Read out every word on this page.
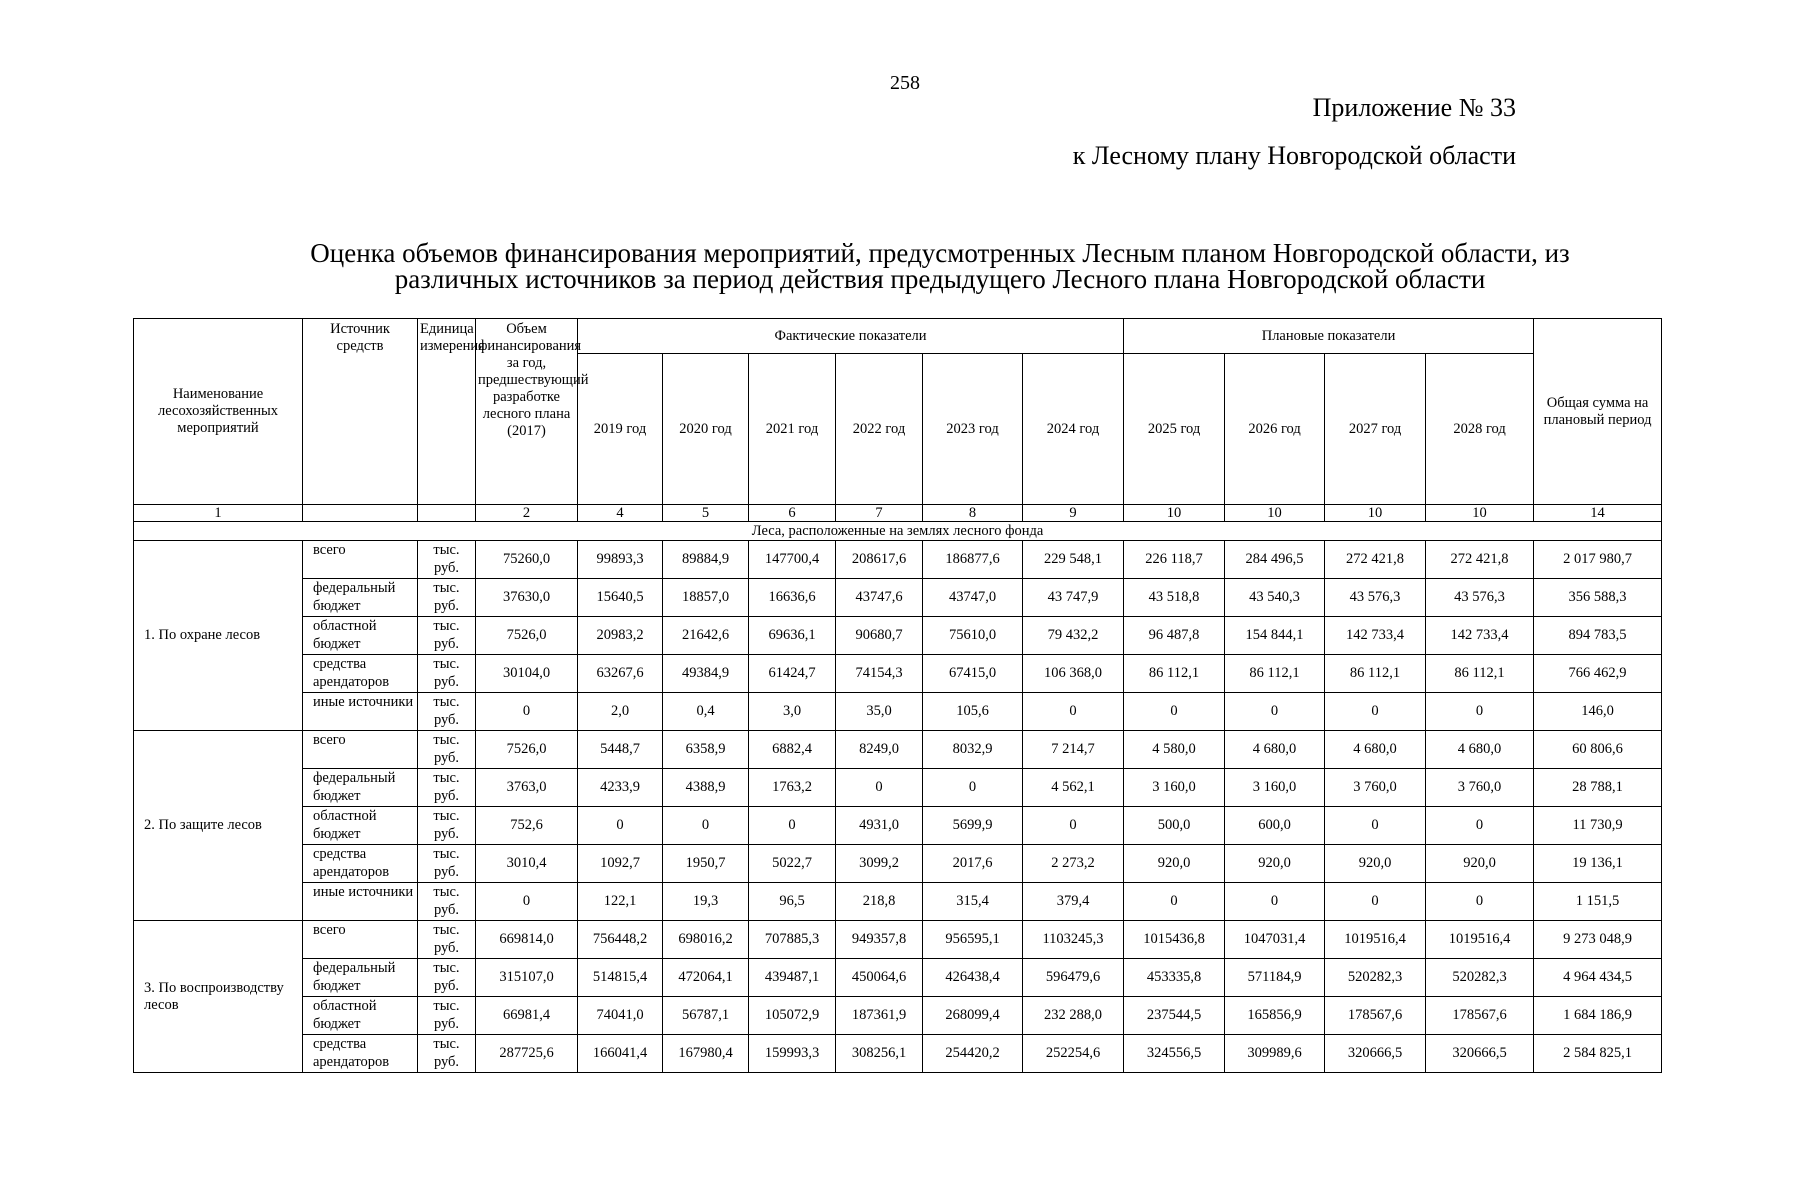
258
Приложение № 33
к Лесному плану Новгородской области
Оценка объемов финансирования мероприятий, предусмотренных Лесным планом Новгородской области, из
различных источников за период действия предыдущего Лесного плана Новгородской области
Наименование лесохозяйственных мероприятий	Источник средств	Единица измерения	Объем финансирования за год, предшествующий разработке лесного плана (2017)	Фактические показатели						Плановые показатели				Общая сумма на плановый период
				2019 год	2020 год	2021 год	2022 год	2023 год	2024 год	2025 год	2026 год	2027 год	2028 год	
1			2	4	5	6	7	8	9	10	10	10	10	14
Леса, расположенные на землях лесного фонда														
1. По охране лесов	всего	тыс. руб.	75260,0	99893,3	89884,9	147700,4	208617,6	186877,6	229 548,1	226 118,7	284 496,5	272 421,8	272 421,8	2 017 980,7
	федеральный бюджет	тыс. руб.	37630,0	15640,5	18857,0	16636,6	43747,6	43747,0	43 747,9	43 518,8	43 540,3	43 576,3	43 576,3	356 588,3
	областной бюджет	тыс. руб.	7526,0	20983,2	21642,6	69636,1	90680,7	75610,0	79 432,2	96 487,8	154 844,1	142 733,4	142 733,4	894 783,5
	средства арендаторов	тыс. руб.	30104,0	63267,6	49384,9	61424,7	74154,3	67415,0	106 368,0	86 112,1	86 112,1	86 112,1	86 112,1	766 462,9
	иные источники	тыс. руб.	0	2,0	0,4	3,0	35,0	105,6	0	0	0	0	0	146,0
2. По защите лесов	всего	тыс. руб.	7526,0	5448,7	6358,9	6882,4	8249,0	8032,9	7 214,7	4 580,0	4 680,0	4 680,0	4 680,0	60 806,6
	федеральный бюджет	тыс. руб.	3763,0	4233,9	4388,9	1763,2	0	0	4 562,1	3 160,0	3 160,0	3 760,0	3 760,0	28 788,1
	областной бюджет	тыс. руб.	752,6	0	0	0	4931,0	5699,9	0	500,0	600,0	0	0	11 730,9
	средства арендаторов	тыс. руб.	3010,4	1092,7	1950,7	5022,7	3099,2	2017,6	2 273,2	920,0	920,0	920,0	920,0	19 136,1
	иные источники	тыс. руб.	0	122,1	19,3	96,5	218,8	315,4	379,4	0	0	0	0	1 151,5
3. По воспроизводству лесов	всего	тыс. руб.	669814,0	756448,2	698016,2	707885,3	949357,8	956595,1	1103245,3	1015436,8	1047031,4	1019516,4	1019516,4	9 273 048,9
	федеральный бюджет	тыс. руб.	315107,0	514815,4	472064,1	439487,1	450064,6	426438,4	596479,6	453335,8	571184,9	520282,3	520282,3	4 964 434,5
	областной бюджет	тыс. руб.	66981,4	74041,0	56787,1	105072,9	187361,9	268099,4	232 288,0	237544,5	165856,9	178567,6	178567,6	1 684 186,9
	средства арендаторов	тыс. руб.	287725,6	166041,4	167980,4	159993,3	308256,1	254420,2	252254,6	324556,5	309989,6	320666,5	320666,5	2 584 825,1
